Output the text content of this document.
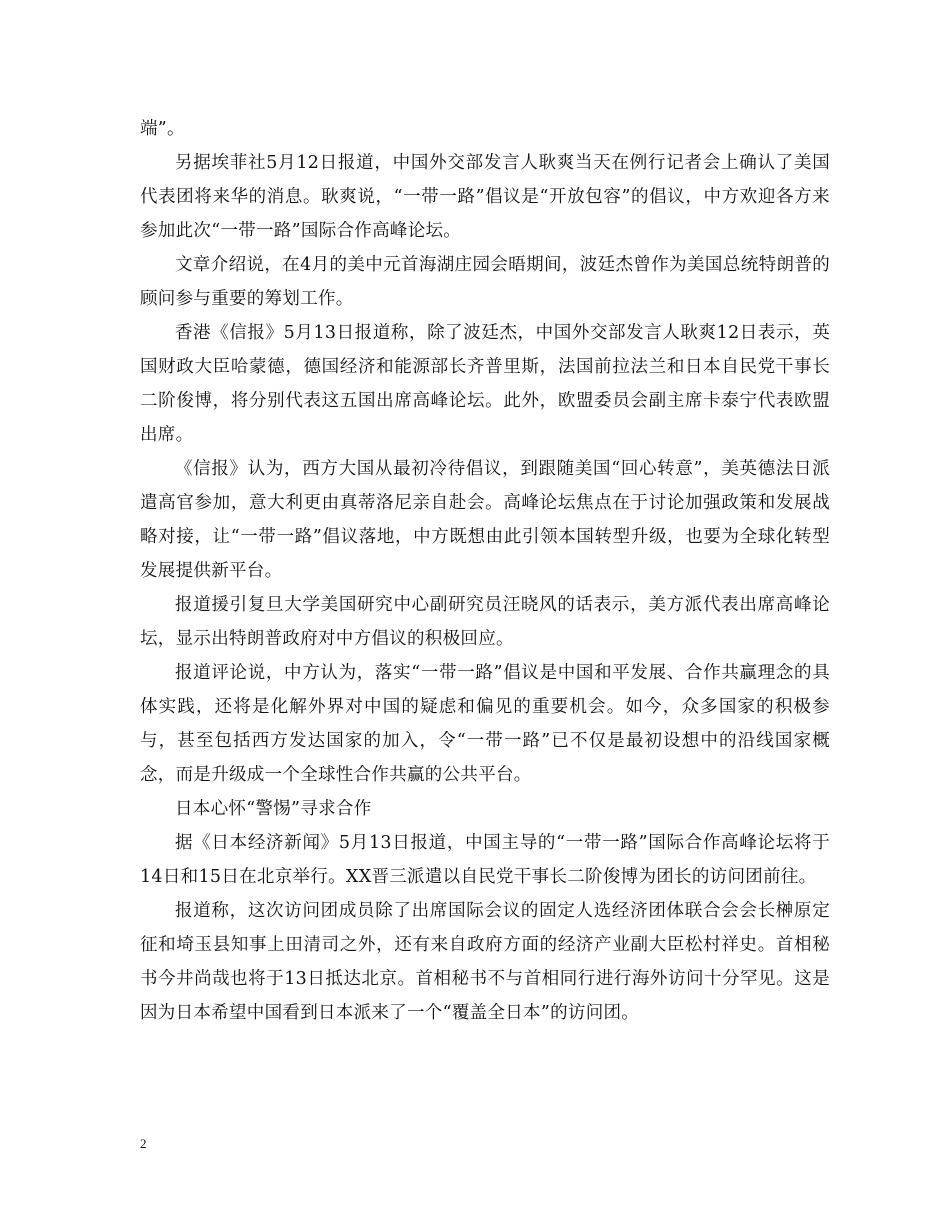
端”。

另据埃菲社5月12日报道，中国外交部发言人耿爽当天在例行记者会上确认了美国代表团将来华的消息。耿爽说，“一带一路”倡议是“开放包容”的倡议，中方欢迎各方来参加此次“一带一路”国际合作高峰论坛。

文章介绍说，在4月的美中元首海湖庄园会晤期间，波廷杰曾作为美国总统特朗普的顾问参与重要的筹划工作。

香港《信报》5月13日报道称，除了波廷杰，中国外交部发言人耿爽12日表示，英国财政大臣哈蒙德，德国经济和能源部长齐普里斯，法国前拉法兰和日本自民党干事长二阶俊博，将分别代表这五国出席高峰论坛。此外，欧盟委员会副主席卡泰宁代表欧盟出席。

《信报》认为，西方大国从最初冷待倡议，到跟随美国“回心转意”，美英德法日派遣高官参加，意大利更由真蒂洛尼亲自赴会。高峰论坛焦点在于讨论加强政策和发展战略对接，让“一带一路”倡议落地，中方既想由此引领本国转型升级，也要为全球化转型发展提供新平台。

报道援引复旦大学美国研究中心副研究员汪晓风的话表示，美方派代表出席高峰论坛，显示出特朗普政府对中方倡议的积极回应。

报道评论说，中方认为，落实“一带一路”倡议是中国和平发展、合作共赢理念的具体实践，还将是化解外界对中国的疑虑和偏见的重要机会。如今，众多国家的积极参与，甚至包括西方发达国家的加入，令“一带一路”已不仅是最初设想中的沿线国家概念，而是升级成一个全球性合作共赢的公共平台。

日本心怀“警惕”寻求合作

据《日本经济新闻》5月13日报道，中国主导的“一带一路”国际合作高峰论坛将于14日和15日在北京举行。XX晋三派遣以自民党干事长二阶俊博为团长的访问团前往。

报道称，这次访问团成员除了出席国际会议的固定人选经济团体联合会会长榊原定征和埼玉县知事上田清司之外，还有来自政府方面的经济产业副大臣松村祥史。首相秘书今井尚哉也将于13日抵达北京。首相秘书不与首相同行进行海外访问十分罕见。这是因为日本希望中国看到日本派来了一个“覆盖全日本”的访问团。

2
